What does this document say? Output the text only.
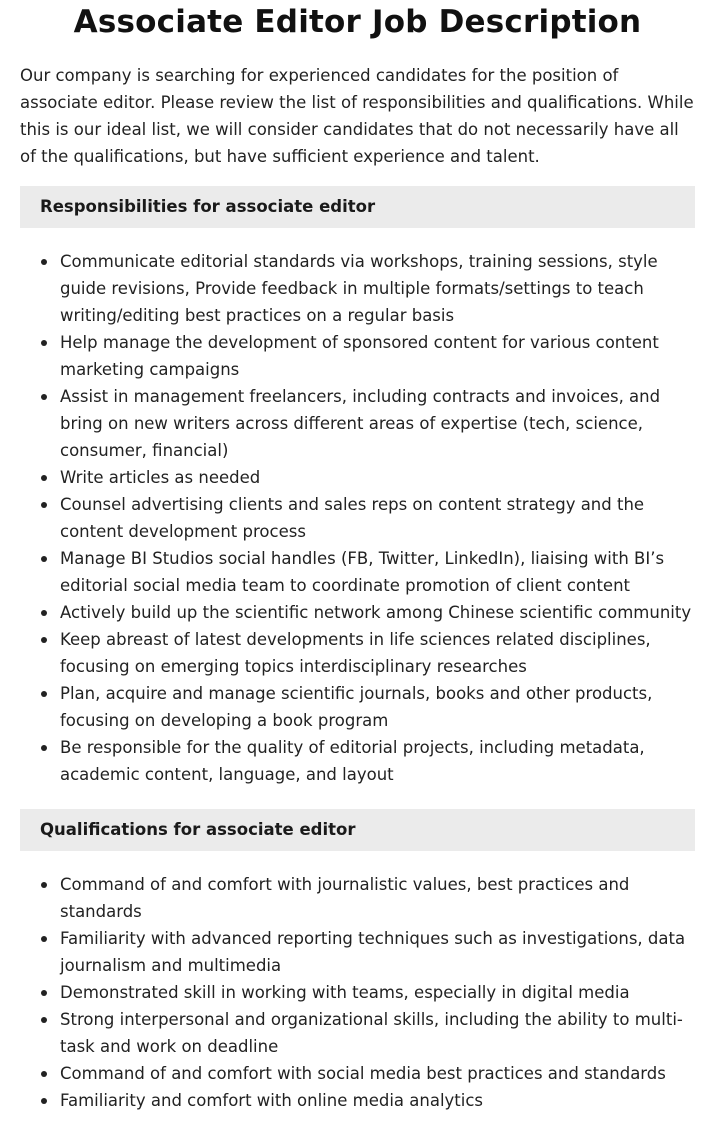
Associate Editor Job Description

Our company is searching for experienced candidates for the position of associate editor. Please review the list of responsibilities and qualifications. While this is our ideal list, we will consider candidates that do not necessarily have all of the qualifications, but have sufficient experience and talent.

Responsibilities for associate editor
Communicate editorial standards via workshops, training sessions, style guide revisions, Provide feedback in multiple formats/settings to teach writing/editing best practices on a regular basis
Help manage the development of sponsored content for various content marketing campaigns
Assist in management freelancers, including contracts and invoices, and bring on new writers across different areas of expertise (tech, science, consumer, financial)
Write articles as needed
Counsel advertising clients and sales reps on content strategy and the content development process
Manage BI Studios social handles (FB, Twitter, LinkedIn), liaising with BI’s editorial social media team to coordinate promotion of client content
Actively build up the scientific network among Chinese scientific community
Keep abreast of latest developments in life sciences related disciplines, focusing on emerging topics interdisciplinary researches
Plan, acquire and manage scientific journals, books and other products, focusing on developing a book program
Be responsible for the quality of editorial projects, including metadata, academic content, language, and layout
Qualifications for associate editor
Command of and comfort with journalistic values, best practices and standards
Familiarity with advanced reporting techniques such as investigations, data journalism and multimedia
Demonstrated skill in working with teams, especially in digital media
Strong interpersonal and organizational skills, including the ability to multi-task and work on deadline
Command of and comfort with social media best practices and standards
Familiarity and comfort with online media analytics
